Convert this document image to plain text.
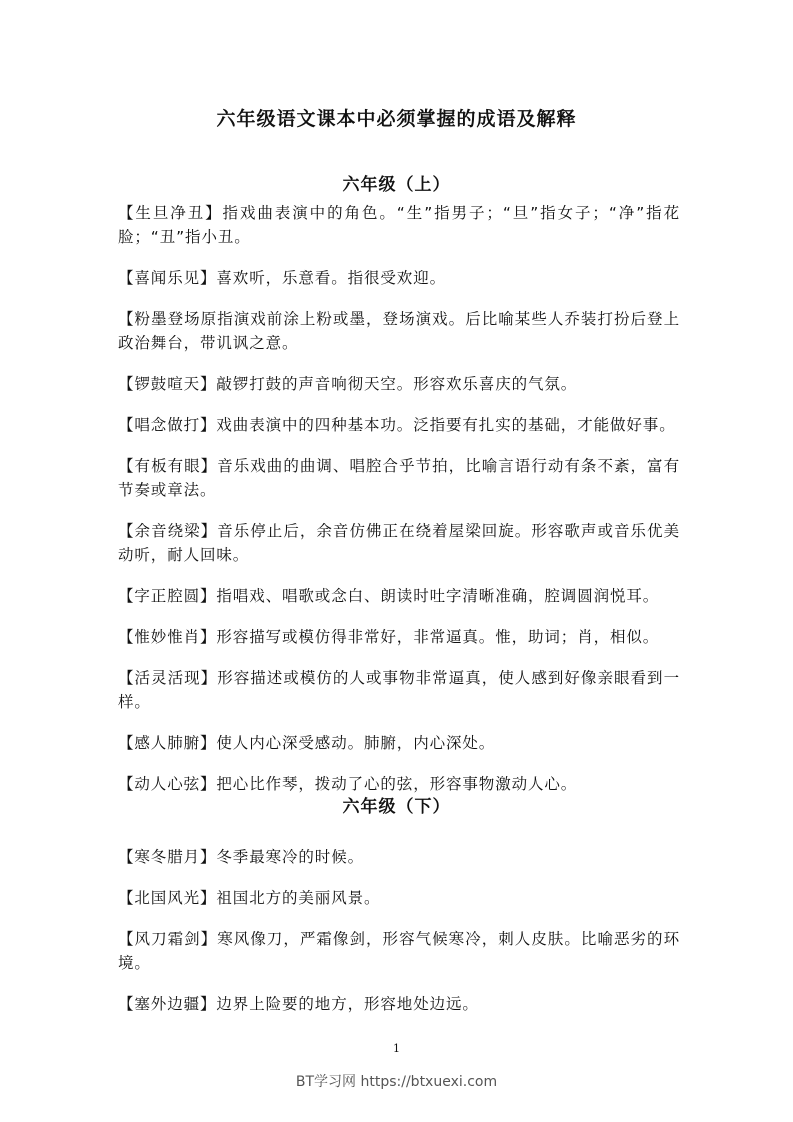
六年级语文课本中必须掌握的成语及解释
六年级（上）

【生旦净丑】指戏曲表演中的角色。“生”指男子；“旦”指女子；“净”指花脸；“丑”指小丑。

【喜闻乐见】喜欢听，乐意看。指很受欢迎。

【粉墨登场原指演戏前涂上粉或墨，登场演戏。后比喻某些人乔装打扮后登上政治舞台，带讥讽之意。

【锣鼓喧天】敲锣打鼓的声音响彻天空。形容欢乐喜庆的气氛。

【唱念做打】戏曲表演中的四种基本功。泛指要有扎实的基础，才能做好事。

【有板有眼】音乐戏曲的曲调、唱腔合乎节拍，比喻言语行动有条不紊，富有节奏或章法。

【余音绕梁】音乐停止后，余音仿佛正在绕着屋梁回旋。形容歌声或音乐优美动听，耐人回味。

【字正腔圆】指唱戏、唱歌或念白、朗读时吐字清晰准确，腔调圆润悦耳。

【惟妙惟肖】形容描写或模仿得非常好，非常逼真。惟，助词；肖，相似。

【活灵活现】形容描述或模仿的人或事物非常逼真，使人感到好像亲眼看到一样。

【感人肺腑】使人内心深受感动。肺腑，内心深处。

【动人心弦】把心比作琴，拨动了心的弦，形容事物激动人心。

六年级（下）

【寒冬腊月】冬季最寒冷的时候。

【北国风光】祖国北方的美丽风景。

【风刀霜剑】寒风像刀，严霜像剑，形容气候寒冷，刺人皮肤。比喻恶劣的环境。

【塞外边疆】边界上险要的地方，形容地处边远。

1
BT学习网 https://btxuexi.com
